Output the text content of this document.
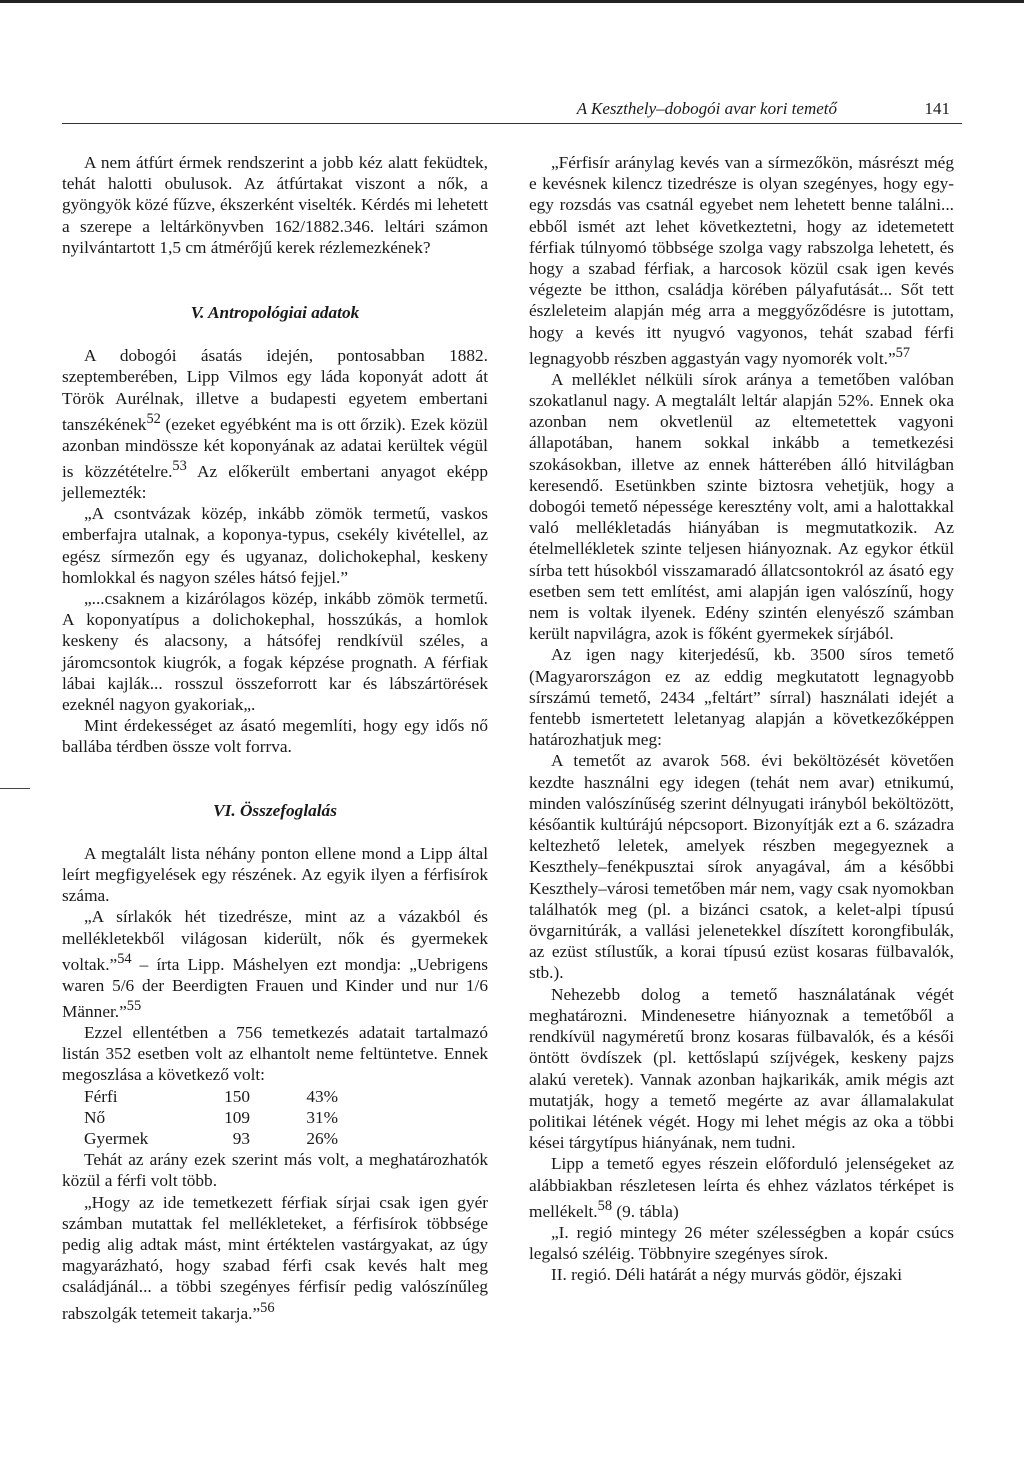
A Keszthely–dobogói avar kori temető	141

A nem átfúrt érmek rendszerint a jobb kéz alatt feküdtek, tehát halotti obulusok. Az átfúrtakat viszont a nők, a gyöngyök közé fűzve, ékszerként viselték. Kérdés mi lehetett a szerepe a leltárkönyvben 162/1882.346. leltári számon nyilvántartott 1,5 cm átmérőjű kerek rézlemezkének?

V. Antropológiai adatok

A dobogói ásatás idején, pontosabban 1882. szeptemberében, Lipp Vilmos egy láda koponyát adott át Török Aurélnak, illetve a budapesti egyetem embertani tanszékének$^{52}$ (ezeket egyébként ma is ott őrzik). Ezek közül azonban mindössze két koponyának az adatai kerültek végül is közzétételre.$^{53}$ Az előkerült embertani anyagot eképp jellemezték:

„A csontvázak közép, inkább zömök termetű, vaskos emberfajra utalnak, a koponya-typus, csekély kivétellel, az egész sírmezőn egy és ugyanaz, dolichokephal, keskeny homlokkal és nagyon széles hátsó fejjel.”

„...csaknem a kizárólagos közép, inkább zömök termetű. A koponyatípus a dolichokephal, hosszúkás, a homlok keskeny és alacsony, a hátsófej rendkívül széles, a járomcsontok kiugrók, a fogak képzése prognath. A férfiak lábai kajlák... rosszul összeforrott kar és lábszártörések ezeknél nagyon gyakoriak„.

Mint érdekességet az ásató megemlíti, hogy egy idős nő ballába térdben össze volt forrva.

VI. Összefoglalás

A megtalált lista néhány ponton ellene mond a Lipp által leírt megfigyelések egy részének. Az egyik ilyen a férfisírok száma.

„A sírlakók hét tizedrésze, mint az a vázakból és mellékletekből világosan kiderült, nők és gyermekek voltak.”$^{54}$ – írta Lipp. Máshelyen ezt mondja: „Uebrigens waren 5/6 der Beerdigten Frauen und Kinder und nur 1/6 Männer.”$^{55}$

Ezzel ellentétben a 756 temetkezés adatait tartalmazó listán 352 esetben volt az elhantolt neme feltüntetve. Ennek megoszlása a következő volt:

Férfi	150	43%
Nő	109	31%
Gyermek	93	26%

Tehát az arány ezek szerint más volt, a meghatározhatók közül a férfi volt több.

„Hogy az ide temetkezett férfiak sírjai csak igen gyér számban mutattak fel mellékleteket, a férfisírok többsége pedig alig adtak mást, mint értéktelen vastárgyakat, az úgy magyarázható, hogy szabad férfi csak kevés halt meg családjánál... a többi szegényes férfisír pedig valószínűleg rabszolgák tetemeit takarja.”$^{56}$

„Férfisír aránylag kevés van a sírmezőkön, másrészt még e kevésnek kilencz tizedrésze is olyan szegényes, hogy egy-egy rozsdás vas csatnál egyebet nem lehetett benne találni... ebből ismét azt lehet következtetni, hogy az idetemetett férfiak túlnyomó többsége szolga vagy rabszolga lehetett, és hogy a szabad férfiak, a harcosok közül csak igen kevés végezte be itthon, családja körében pályafutását... Sőt tett észleleteim alapján még arra a meggyőződésre is jutottam, hogy a kevés itt nyugvó vagyonos, tehát szabad férfi legnagyobb részben aggastyán vagy nyomorék volt.”$^{57}$

A melléklet nélküli sírok aránya a temetőben valóban szokatlanul nagy. A megtalált leltár alapján 52%. Ennek oka azonban nem okvetlenül az eltemetettek vagyoni állapotában, hanem sokkal inkább a temetkezési szokásokban, illetve az ennek hátterében álló hitvilágban keresendő. Esetünkben szinte biztosra vehetjük, hogy a dobogói temető népessége keresztény volt, ami a halottakkal való mellékletadás hiányában is megmutatkozik. Az ételmellékletek szinte teljesen hiányoznak. Az egykor étkül sírba tett húsokból visszamaradó állatcsontokról az ásató egy esetben sem tett említést, ami alapján igen valószínű, hogy nem is voltak ilyenek. Edény szintén elenyésző számban került napvilágra, azok is főként gyermekek sírjából.

Az igen nagy kiterjedésű, kb. 3500 síros temető (Magyarországon ez az eddig megkutatott legnagyobb sírszámú temető, 2434 „feltárt” sírral) használati idejét a fentebb ismertetett leletanyag alapján a következőképpen határozhatjuk meg:

A temetőt az avarok 568. évi beköltözését követően kezdte használni egy idegen (tehát nem avar) etnikumú, minden valószínűség szerint délnyugati irányból beköltözött, későantik kultúrájú népcsoport. Bizonyítják ezt a 6. századra keltezhető leletek, amelyek részben megegyeznek a Keszthely–fenékpusztai sírok anyagával, ám a későbbi Keszthely–városi temetőben már nem, vagy csak nyomokban találhatók meg (pl. a bizánci csatok, a kelet-alpi típusú övgarnitúrák, a vallási jelenetekkel díszített korongfibulák, az ezüst stílustűk, a korai típusú ezüst kosaras fülbavalók, stb.).

Nehezebb dolog a temető használatának végét meghatározni. Mindenesetre hiányoznak a temetőből a rendkívül nagyméretű bronz kosaras fülbavalók, és a késői öntött övdíszek (pl. kettőslapú szíjvégek, keskeny pajzs alakú veretek). Vannak azonban hajkarikák, amik mégis azt mutatják, hogy a temető megérte az avar államalakulat politikai létének végét. Hogy mi lehet mégis az oka a többi kései tárgytípus hiányának, nem tudni.

Lipp a temető egyes részein előforduló jelenségeket az alábbiakban részletesen leírta és ehhez vázlatos térképet is mellékelt.$^{58}$ (9. tábla)

„I. regió mintegy 26 méter szélességben a kopár csúcs legalsó széléig. Többnyire szegényes sírok.

II. regió. Déli határát a négy murvás gödör, éjszaki
